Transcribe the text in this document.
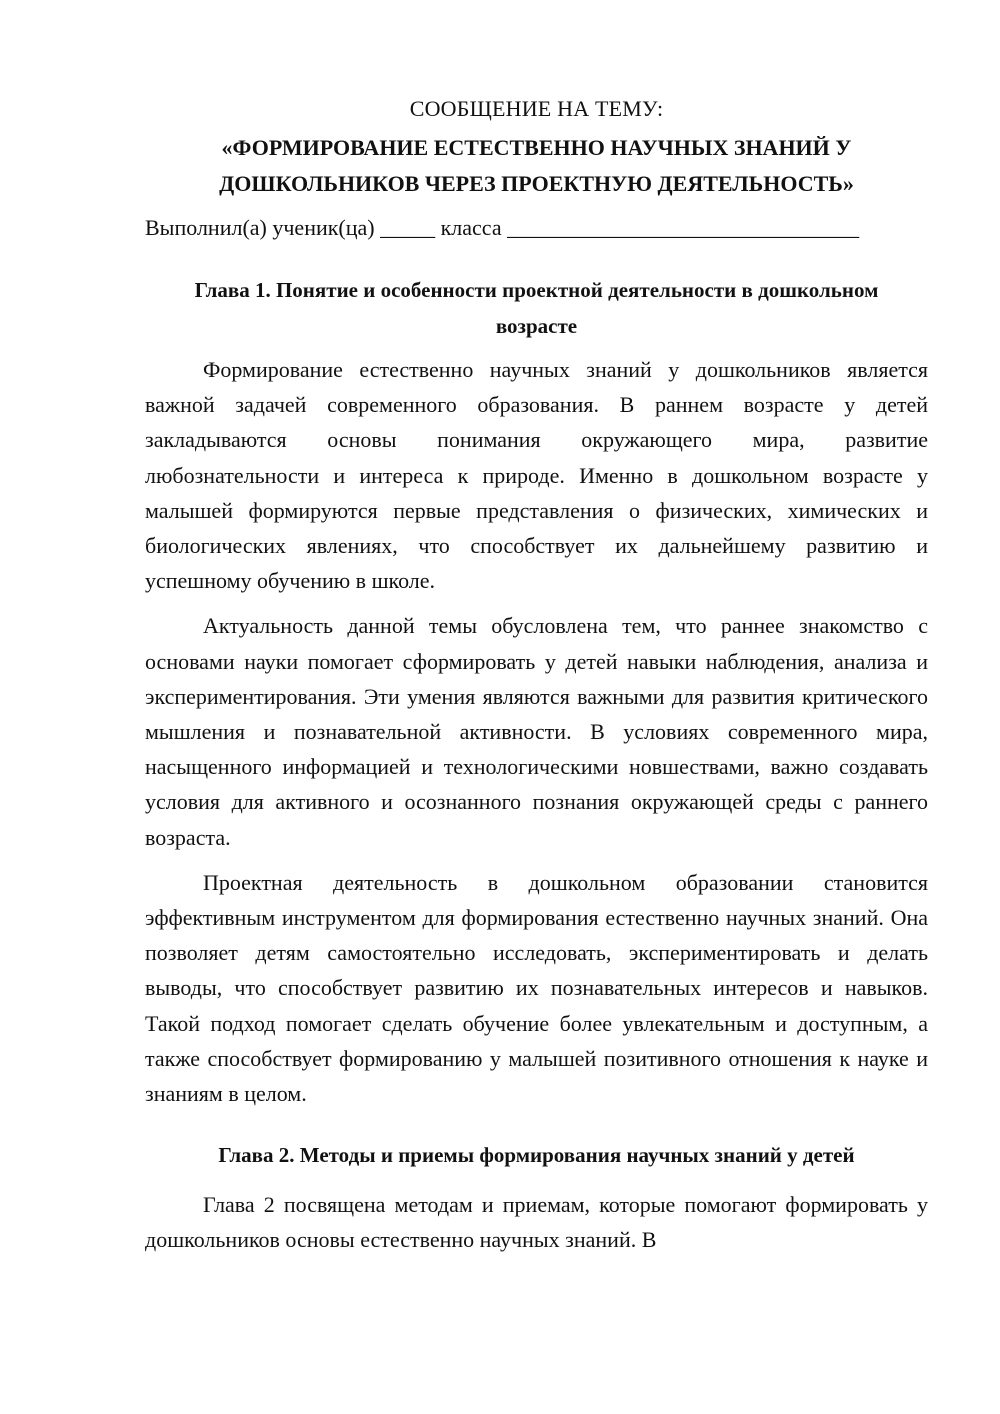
СООБЩЕНИЕ НА ТЕМУ:
«ФОРМИРОВАНИЕ ЕСТЕСТВЕННО НАУЧНЫХ ЗНАНИЙ У
ДОШКОЛЬНИКОВ ЧЕРЕЗ ПРОЕКТНУЮ ДЕЯТЕЛЬНОСТЬ»
Выполнил(а) ученик(ца) _____ класса ________________________________
Глава 1. Понятие и особенности проектной деятельности в дошкольном
возрасте

Формирование естественно научных знаний у дошкольников является важной задачей современного образования. В раннем возрасте у детей закладываются основы понимания окружающего мира, развитие любознательности и интереса к природе. Именно в дошкольном возрасте у малышей формируются первые представления о физических, химических и биологических явлениях, что способствует их дальнейшему развитию и успешному обучению в школе.

Актуальность данной темы обусловлена тем, что раннее знакомство с основами науки помогает сформировать у детей навыки наблюдения, анализа и экспериментирования. Эти умения являются важными для развития критического мышления и познавательной активности. В условиях современного мира, насыщенного информацией и технологическими новшествами, важно создавать условия для активного и осознанного познания окружающей среды с раннего возраста.

Проектная деятельность в дошкольном образовании становится эффективным инструментом для формирования естественно научных знаний. Она позволяет детям самостоятельно исследовать, экспериментировать и делать выводы, что способствует развитию их познавательных интересов и навыков. Такой подход помогает сделать обучение более увлекательным и доступным, а также способствует формированию у малышей позитивного отношения к науке и знаниям в целом.

Глава 2. Методы и приемы формирования научных знаний у детей

Глава 2 посвящена методам и приемам, которые помогают формировать у дошкольников основы естественно научных знаний. В
